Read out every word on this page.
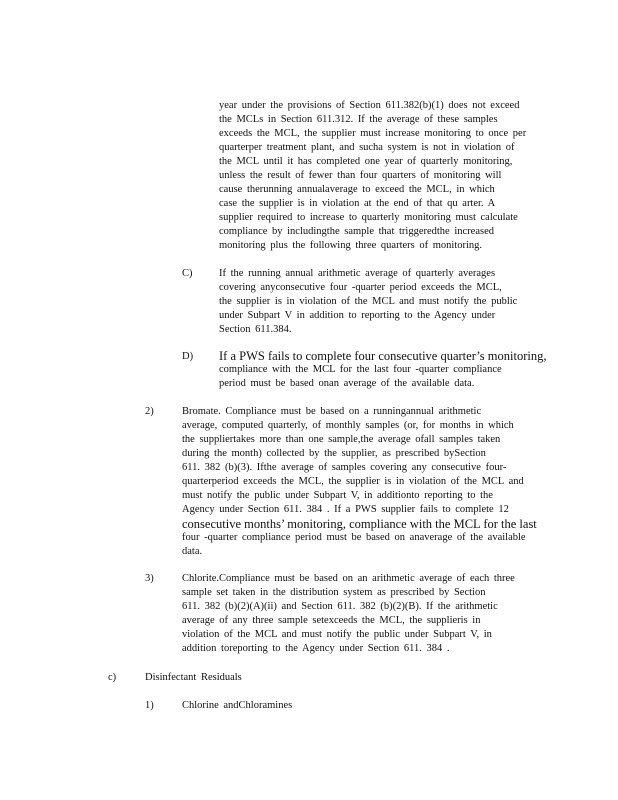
year under the provisions of Section 611.382(b)(1) does not exceed
the MCLs in Section 611.312. If the average of these samples
exceeds the MCL, the supplier must increase monitoring to once per
quarterper treatment plant, and sucha system is not in violation of
the MCL until it has completed one year of quarterly monitoring,
unless the result of fewer than four quarters of monitoring will
cause therunning annualaverage to exceed the MCL, in which
case the supplier is in violation at the end of that qu arter. A
supplier required to increase to quarterly monitoring must calculate
compliance by includingthe sample that triggeredthe increased
monitoring plus the following three quarters of monitoring.
C)	If the running annual arithmetic average of quarterly averages
covering anyconsecutive four -quarter period exceeds the MCL,
the supplier is in violation of the MCL and must notify the public
under Subpart V in addition to reporting to the Agency under
Section 611.384.
D) If a PWS fails to complete four consecutive quarter’s monitoring,
compliance with the MCL for the last four -quarter compliance
period must be based onan average of the available data.
2)	Bromate. Compliance must be based on a runningannual arithmetic
average, computed quarterly, of monthly samples (or, for months in which
the suppliertakes more than one sample,the average ofall samples taken
during the month) collected by the supplier, as prescribed bySection
611. 382 (b)(3). Ifthe average of samples covering any consecutive four-
quarterperiod exceeds the MCL, the supplier is in violation of the MCL and
must notify the public under Subpart V, in additionto reporting to the
Agency under Section 611. 384 . If a PWS supplier fails to complete 12
consecutive months’ monitoring, compliance with the MCL for the last
four -quarter compliance period must be based on anaverage of the available
data.
3)	Chlorite.Compliance must be based on an arithmetic average of each three
sample set taken in the distribution system as prescribed by Section
611. 382 (b)(2)(A)(ii) and Section 611. 382 (b)(2)(B). If the arithmetic
average of any three sample setexceeds the MCL, the supplieris in
violation of the MCL and must notify the public under Subpart V, in
addition toreporting to the Agency under Section 611. 384 .
c)	Disinfectant Residuals
1)	Chlorine andChloramines
